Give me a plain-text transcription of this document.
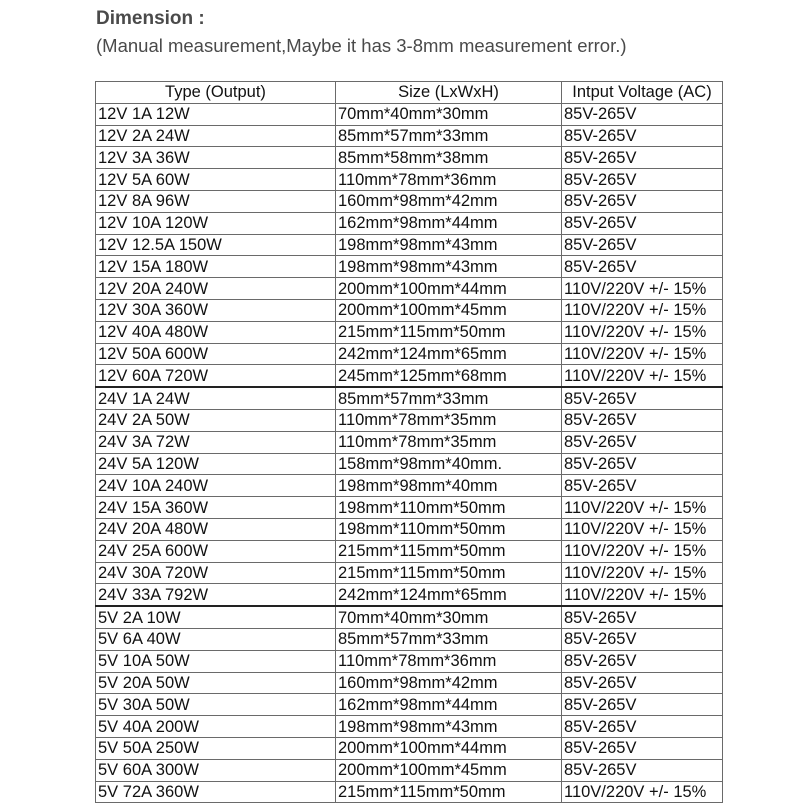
Dimension :
(Manual measurement,Maybe it has 3-8mm measurement error.)
Type (Output)	Size (LxWxH)	Intput Voltage (AC)
12V 1A 12W	70mm*40mm*30mm	85V-265V
12V 2A 24W	85mm*57mm*33mm	85V-265V
12V 3A 36W	85mm*58mm*38mm	85V-265V
12V 5A 60W	110mm*78mm*36mm	85V-265V
12V 8A 96W	160mm*98mm*42mm	85V-265V
12V 10A 120W	162mm*98mm*44mm	85V-265V
12V 12.5A 150W	198mm*98mm*43mm	85V-265V
12V 15A 180W	198mm*98mm*43mm	85V-265V
12V 20A 240W	200mm*100mm*44mm	110V/220V +/- 15%
12V 30A 360W	200mm*100mm*45mm	110V/220V +/- 15%
12V 40A 480W	215mm*115mm*50mm	110V/220V +/- 15%
12V 50A 600W	242mm*124mm*65mm	110V/220V +/- 15%
12V 60A 720W	245mm*125mm*68mm	110V/220V +/- 15%
24V 1A 24W	85mm*57mm*33mm	85V-265V
24V 2A 50W	110mm*78mm*35mm	85V-265V
24V 3A 72W	110mm*78mm*35mm	85V-265V
24V 5A 120W	158mm*98mm*40mm.	85V-265V
24V 10A 240W	198mm*98mm*40mm	85V-265V
24V 15A 360W	198mm*110mm*50mm	110V/220V +/- 15%
24V 20A 480W	198mm*110mm*50mm	110V/220V +/- 15%
24V 25A 600W	215mm*115mm*50mm	110V/220V +/- 15%
24V 30A 720W	215mm*115mm*50mm	110V/220V +/- 15%
24V 33A 792W	242mm*124mm*65mm	110V/220V +/- 15%
5V 2A 10W	70mm*40mm*30mm	85V-265V
5V 6A 40W	85mm*57mm*33mm	85V-265V
5V 10A 50W	110mm*78mm*36mm	85V-265V
5V 20A 50W	160mm*98mm*42mm	85V-265V
5V 30A 50W	162mm*98mm*44mm	85V-265V
5V 40A 200W	198mm*98mm*43mm	85V-265V
5V 50A 250W	200mm*100mm*44mm	85V-265V
5V 60A 300W	200mm*100mm*45mm	85V-265V
5V 72A 360W	215mm*115mm*50mm	110V/220V +/- 15%
